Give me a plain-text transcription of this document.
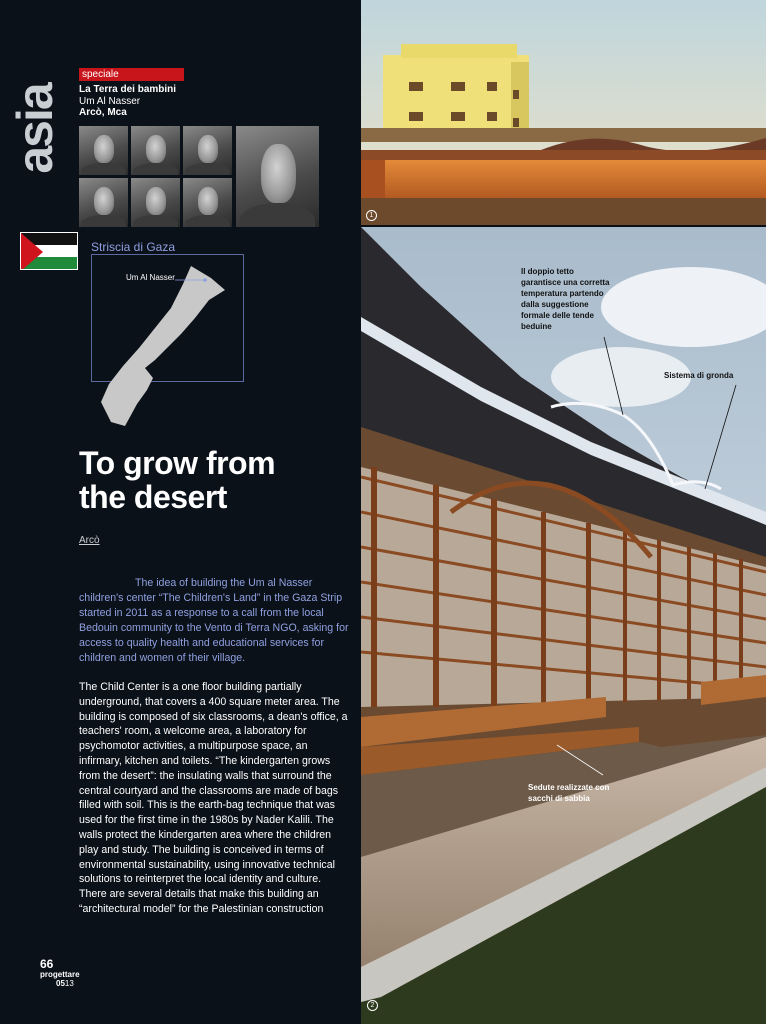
asia
speciale
La Terra dei bambini
Um Al Nasser
Arcò, Mca
Striscia di Gaza
Um Al Nasser
To grow from
the desert
Arcò
The idea of building the Um al Nasser children's center “The Children's Land” in the Gaza Strip started in 2011 as a response to a call from the local Bedouin community to the Vento di Terra NGO, asking for access to quality health and educational services for children and women of their village.
The Child Center is a one floor building partially underground, that covers a 400 square meter area. The building is composed of six classrooms, a dean's office, a teachers' room, a welcome area, a laboratory for psychomotor activities, a multipurpose space, an infirmary, kitchen and toilets. “The kindergarten grows from the desert”: the insulating walls that surround the central courtyard and the classrooms are made of bags filled with soil. This is the earth-bag technique that was used for the first time in the 1980s by Nader Kalili. The walls protect the kindergarten area where the children play and study. The building is conceived in terms of environmental sustainability, using innovative technical solutions to reinterpret the local identity and culture. There are several details that make this building an “architectural model” for the Palestinian construction
66
progettare
0513
1
Il doppio tetto garantisce una corretta temperatura partendo dalla suggestione formale delle tende beduine
Sistema di gronda
Sedute realizzate con sacchi di sabbia
2
